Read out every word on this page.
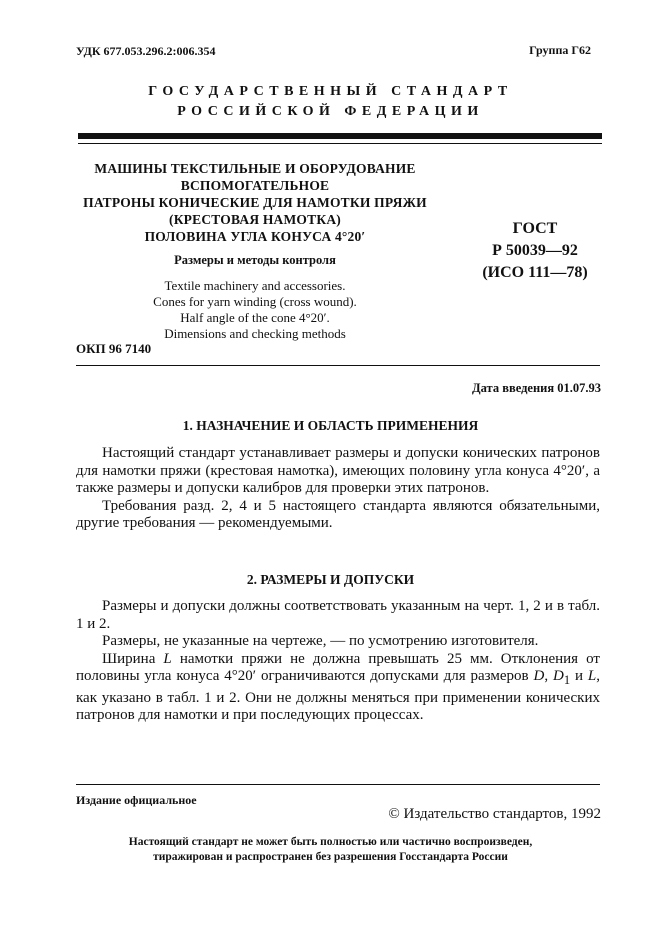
УДК 677.053.296.2:006.354	Группа Г62
ГОСУДАРСТВЕННЫЙ СТАНДАРТ
РОССИЙСКОЙ ФЕДЕРАЦИИ
МАШИНЫ ТЕКСТИЛЬНЫЕ И ОБОРУДОВАНИЕ
ВСПОМОГАТЕЛЬНОЕ
ПАТРОНЫ КОНИЧЕСКИЕ ДЛЯ НАМОТКИ ПРЯЖИ
(КРЕСТОВАЯ НАМОТКА)
ПОЛОВИНА УГЛА КОНУСА 4°20′
Размеры и методы контроля
Textile machinery and accessories.
Cones for yarn winding (cross wound).
Half angle of the cone 4°20′.
Dimensions and checking methods
ГОСТ
Р 50039—92
(ИСО 111—78)
ОКП 96 7140
Дата введения 01.07.93
1. НАЗНАЧЕНИЕ И ОБЛАСТЬ ПРИМЕНЕНИЯ

Настоящий стандарт устанавливает размеры и допуски конических патронов для намотки пряжи (крестовая намотка), имеющих половину угла конуса 4°20′, а также размеры и допуски калибров для проверки этих патронов.

Требования разд. 2, 4 и 5 настоящего стандарта являются обязательными, другие требования — рекомендуемыми.

2. РАЗМЕРЫ И ДОПУСКИ

Размеры и допуски должны соответствовать указанным на черт. 1, 2 и в табл. 1 и 2.

Размеры, не указанные на чертеже, — по усмотрению изготовителя.

Ширина L намотки пряжи не должна превышать 25 мм. Отклонения от половины угла конуса 4°20′ ограничиваются допусками для размеров D, $D_1$ и L, как указано в табл. 1 и 2. Они не должны меняться при применении конических патронов для намотки и при последующих процессах.

Издание официальное
© Издательство стандартов, 1992
Настоящий стандарт не может быть полностью или частично воспроизведен,
тиражирован и распространен без разрешения Госстандарта России
